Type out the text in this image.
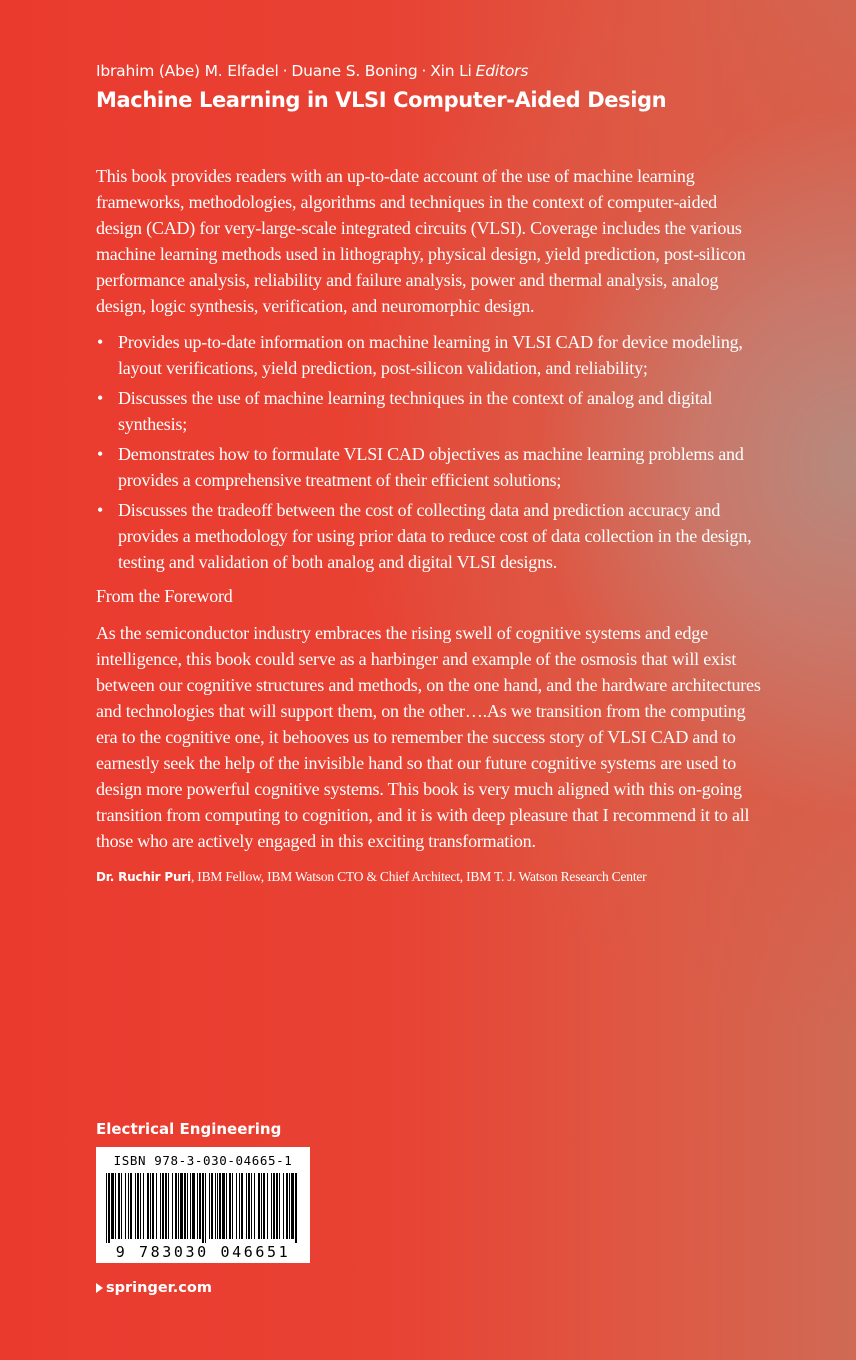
Ibrahim (Abe) M. Elfadel · Duane S. Boning · Xin Li Editors

Machine Learning in VLSI Computer-Aided Design

This book provides readers with an up-to-date account of the use of machine learning frameworks, methodologies, algorithms and techniques in the context of computer-aided design (CAD) for very-large-scale integrated circuits (VLSI). Coverage includes the various machine learning methods used in lithography, physical design, yield prediction, post-silicon performance analysis, reliability and failure analysis, power and thermal analysis, analog design, logic synthesis, verification, and neuromorphic design.

• Provides up-to-date information on machine learning in VLSI CAD for device modeling, layout verifications, yield prediction, post-silicon validation, and reliability;
• Discusses the use of machine learning techniques in the context of analog and digital synthesis;
• Demonstrates how to formulate VLSI CAD objectives as machine learning problems and provides a comprehensive treatment of their efficient solutions;
• Discusses the tradeoff between the cost of collecting data and prediction accuracy and provides a methodology for using prior data to reduce cost of data collection in the design, testing and validation of both analog and digital VLSI designs.

From the Foreword

As the semiconductor industry embraces the rising swell of cognitive systems and edge intelligence, this book could serve as a harbinger and example of the osmosis that will exist between our cognitive structures and methods, on the one hand, and the hardware architectures and technologies that will support them, on the other….As we transition from the computing era to the cognitive one, it behooves us to remember the success story of VLSI CAD and to earnestly seek the help of the invisible hand so that our future cognitive systems are used to design more powerful cognitive systems. This book is very much aligned with this on-going transition from computing to cognition, and it is with deep pleasure that I recommend it to all those who are actively engaged in this exciting transformation.

Dr. Ruchir Puri, IBM Fellow, IBM Watson CTO & Chief Architect, IBM T. J. Watson Research Center

Electrical Engineering
ISBN 978-3-030-04665-1
9 783030 046651
springer.com
